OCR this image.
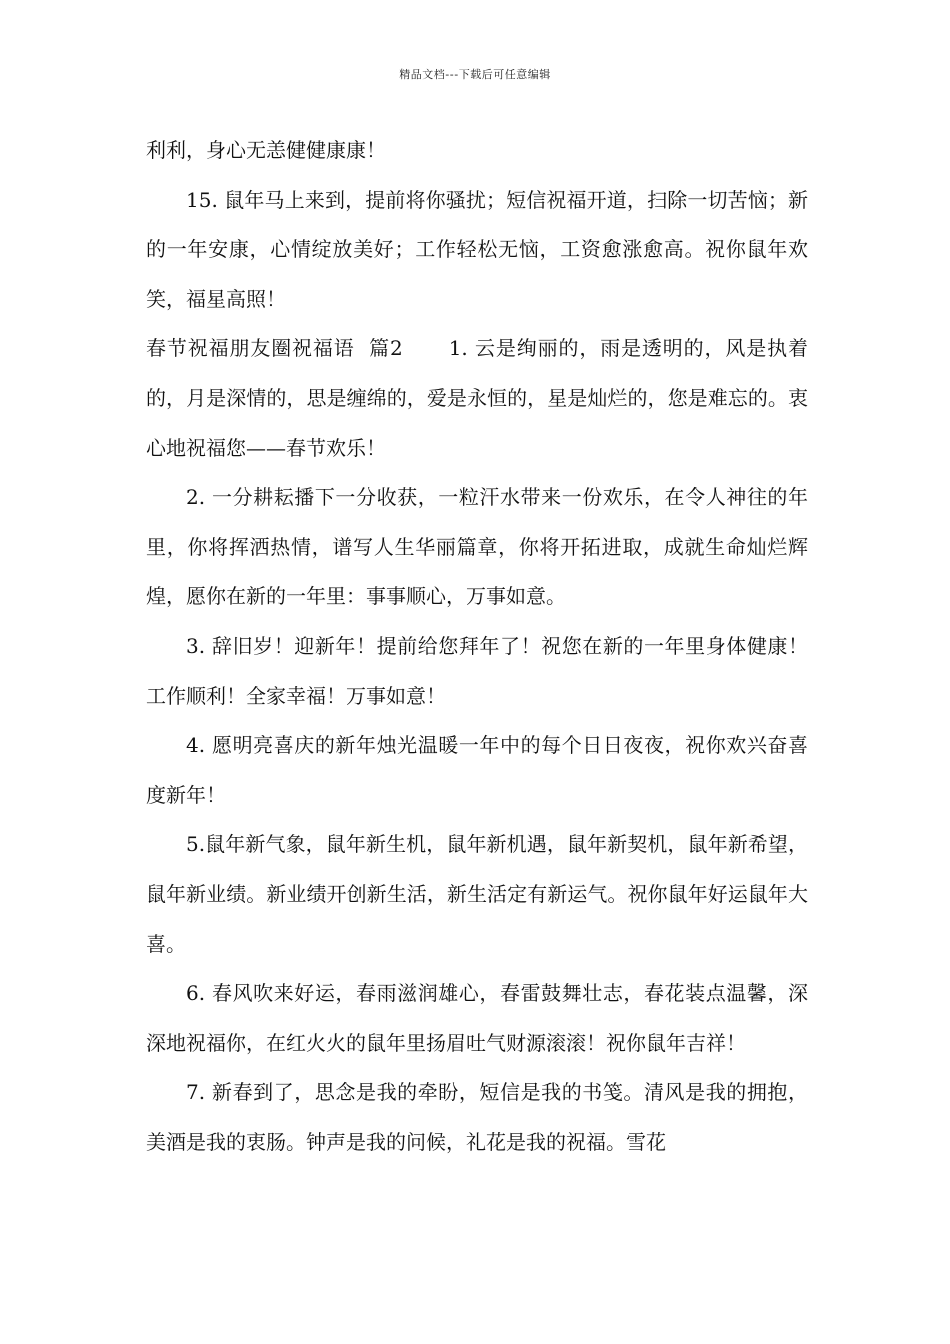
精品文档---下载后可任意编辑

利利，身心无恙健健康康！

15. 鼠年马上来到，提前将你骚扰；短信祝福开道，扫除一切苦恼；新的一年安康，心情绽放美好；工作轻松无恼，工资愈涨愈高。祝你鼠年欢笑，福星高照！

春节祝福朋友圈祝福语  篇2 1. 云是绚丽的，雨是透明的，风是执着的，月是深情的，思是缠绵的，爱是永恒的，星是灿烂的，您是难忘的。衷心地祝福您——春节欢乐！

2. 一分耕耘播下一分收获，一粒汗水带来一份欢乐，在令人神往的年里，你将挥洒热情，谱写人生华丽篇章，你将开拓进取，成就生命灿烂辉煌，愿你在新的一年里：事事顺心，万事如意。

3. 辞旧岁！迎新年！提前给您拜年了！祝您在新的一年里身体健康！工作顺利！全家幸福！万事如意！

4. 愿明亮喜庆的新年烛光温暖一年中的每个日日夜夜，祝你欢兴奋喜度新年！

5.鼠年新气象，鼠年新生机，鼠年新机遇，鼠年新契机，鼠年新希望，鼠年新业绩。新业绩开创新生活，新生活定有新运气。祝你鼠年好运鼠年大喜。

6. 春风吹来好运，春雨滋润雄心，春雷鼓舞壮志，春花装点温馨，深深地祝福你，在红火火的鼠年里扬眉吐气财源滚滚！祝你鼠年吉祥！

7. 新春到了，思念是我的牵盼，短信是我的书笺。清风是我的拥抱，美酒是我的衷肠。钟声是我的问候，礼花是我的祝福。雪花
